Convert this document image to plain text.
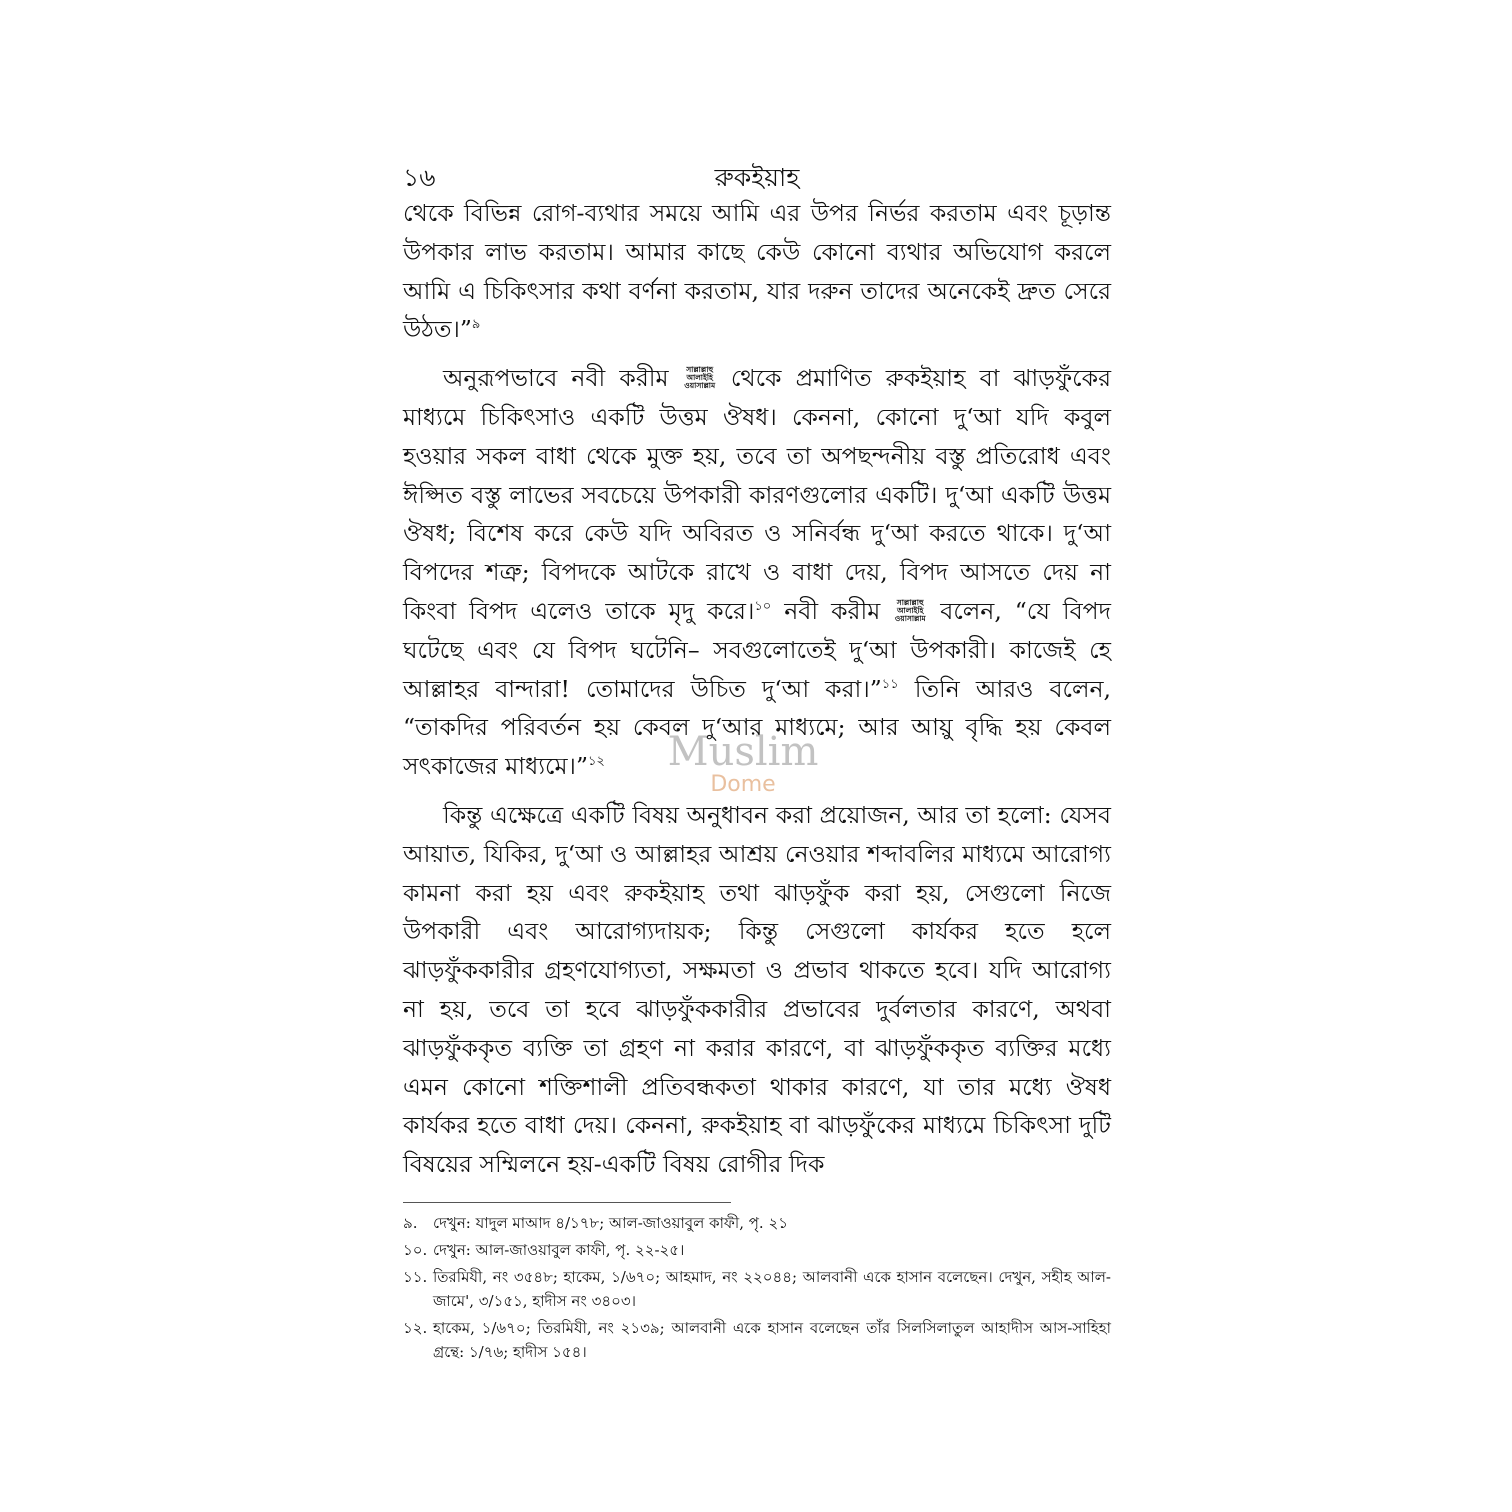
১৬	রুকইয়াহ

থেকে বিভিন্ন রোগ-ব্যথার সময়ে আমি এর উপর নির্ভর করতাম এবং চূড়ান্ত উপকার লাভ করতাম। আমার কাছে কেউ কোনো ব্যথার অভিযোগ করলে আমি এ চিকিৎসার কথা বর্ণনা করতাম, যার দরুন তাদের অনেকেই দ্রুত সেরে উঠত।”$^৯$

অনুরূপভাবে নবী করীম সাল্লাল্লাহু
আলাইহি
ওয়াসাল্লাম থেকে প্রমাণিত রুকইয়াহ বা ঝাড়ফুঁকের মাধ্যমে চিকিৎসাও একটি উত্তম ঔষধ। কেননা, কোনো দু‘আ যদি কবুল হওয়ার সকল বাধা থেকে মুক্ত হয়, তবে তা অপছন্দনীয় বস্তু প্রতিরোধ এবং ঈপ্সিত বস্তু লাভের সবচেয়ে উপকারী কারণগুলোর একটি। দু‘আ একটি উত্তম ঔষধ; বিশেষ করে কেউ যদি অবিরত ও সনির্বন্ধ দু‘আ করতে থাকে। দু‘আ বিপদের শত্রু; বিপদকে আটকে রাখে ও বাধা দেয়, বিপদ আসতে দেয় না কিংবা বিপদ এলেও তাকে মৃদু করে।$^{১০}$ নবী করীম সাল্লাল্লাহু
আলাইহি
ওয়াসাল্লাম বলেন, “যে বিপদ ঘটেছে এবং যে বিপদ ঘটেনি– সবগুলোতেই দু‘আ উপকারী। কাজেই হে আল্লাহর বান্দারা! তোমাদের উচিত দু‘আ করা।”$^{১১}$ তিনি আরও বলেন, “তাকদির পরিবর্তন হয় কেবল দু‘আর মাধ্যমে; আর আয়ু বৃদ্ধি হয় কেবল সৎকাজের মাধ্যমে।”$^{১২}$

কিন্তু এক্ষেত্রে একটি বিষয় অনুধাবন করা প্রয়োজন, আর তা হলো: যেসব আয়াত, যিকির, দু‘আ ও আল্লাহর আশ্রয় নেওয়ার শব্দাবলির মাধ্যমে আরোগ্য কামনা করা হয় এবং রুকইয়াহ তথা ঝাড়ফুঁক করা হয়, সেগুলো নিজে উপকারী এবং আরোগ্যদায়ক; কিন্তু সেগুলো কার্যকর হতে হলে ঝাড়ফুঁককারীর গ্রহণযোগ্যতা, সক্ষমতা ও প্রভাব থাকতে হবে। যদি আরোগ্য না হয়, তবে তা হবে ঝাড়ফুঁককারীর প্রভাবের দুর্বলতার কারণে, অথবা ঝাড়ফুঁককৃত ব্যক্তি তা গ্রহণ না করার কারণে, বা ঝাড়ফুঁককৃত ব্যক্তির মধ্যে এমন কোনো শক্তিশালী প্রতিবন্ধকতা থাকার কারণে, যা তার মধ্যে ঔষধ কার্যকর হতে বাধা দেয়। কেননা, রুকইয়াহ বা ঝাড়ফুঁকের মাধ্যমে চিকিৎসা দুটি বিষয়ের সম্মিলনে হয়-একটি বিষয় রোগীর দিক

৯.	দেখুন: যাদুল মাআদ ৪/১৭৮; আল-জাওয়াবুল কাফী, পৃ. ২১
১০. দেখুন: আল-জাওয়াবুল কাফী, পৃ. ২২-২৫।
১১. তিরমিযী, নং ৩৫৪৮; হাকেম, ১/৬৭০; আহমাদ, নং ২২০৪৪; আলবানী একে হাসান বলেছেন। দেখুন, সহীহ আল-জামে', ৩/১৫১, হাদীস নং ৩৪০৩।
১২. হাকেম, ১/৬৭০; তিরমিযী, নং ২১৩৯; আলবানী একে হাসান বলেছেন তাঁর সিলসিলাতুল আহাদীস আস-সাহিহা গ্রন্থে: ১/৭৬; হাদীস ১৫৪।
Muslim
Dome
